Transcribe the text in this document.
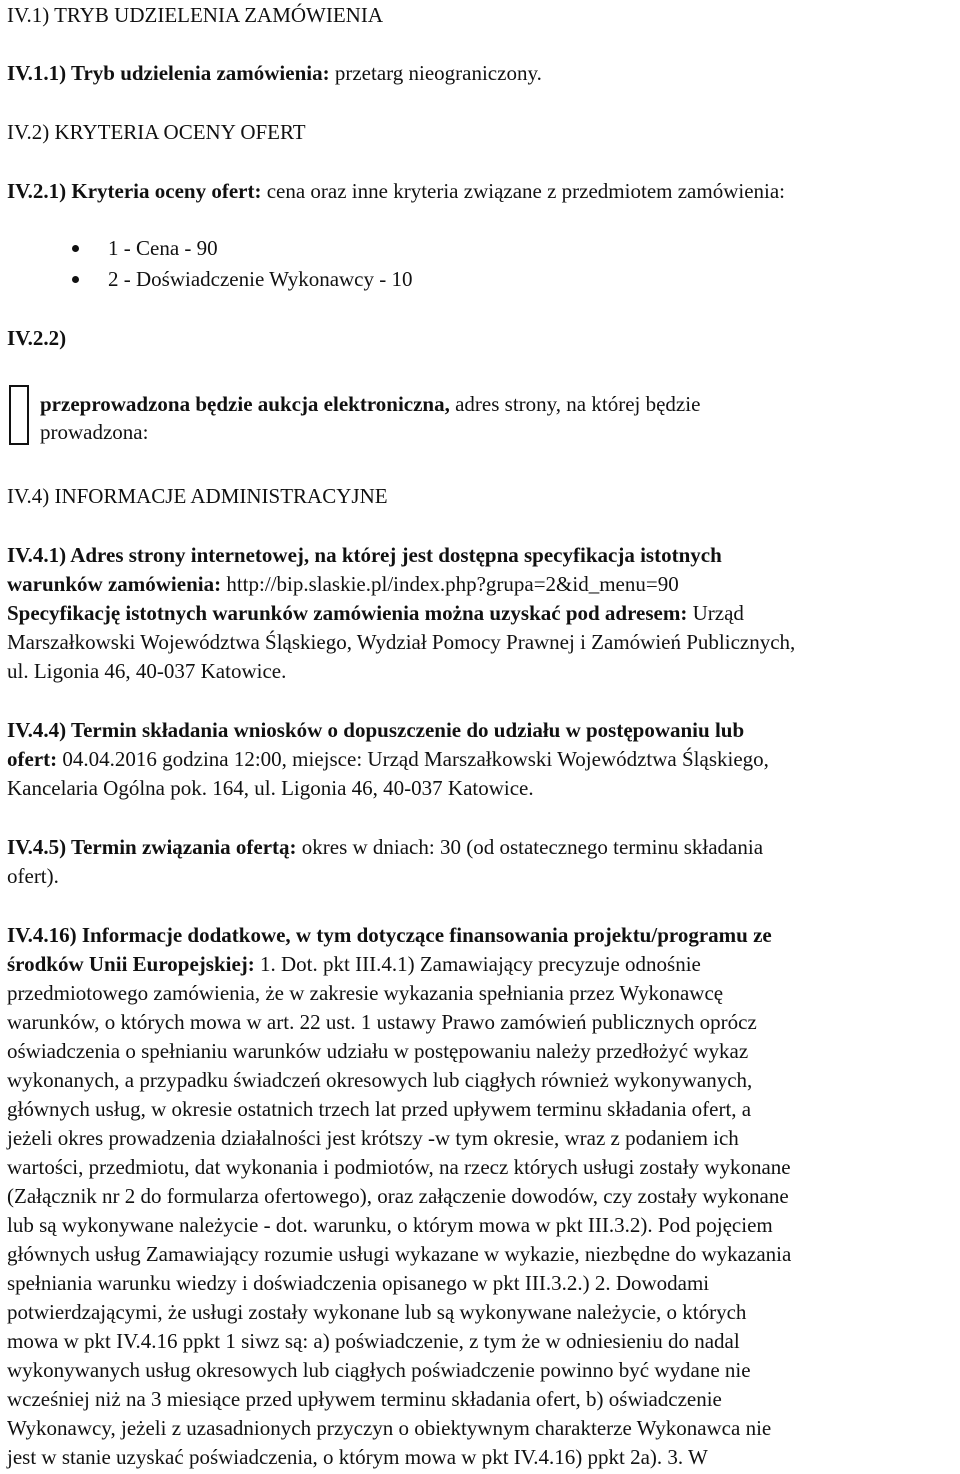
IV.1) TRYB UDZIELENIA ZAMÓWIENIA
IV.1.1) Tryb udzielenia zamówienia: przetarg nieograniczony.
IV.2) KRYTERIA OCENY OFERT
IV.2.1) Kryteria oceny ofert: cena oraz inne kryteria związane z przedmiotem zamówienia:
1 - Cena - 90
2 - Doświadczenie Wykonawcy - 10
IV.2.2)
przeprowadzona będzie aukcja elektroniczna, adres strony, na której będzie
prowadzona:
IV.4) INFORMACJE ADMINISTRACYJNE
IV.4.1) Adres strony internetowej, na której jest dostępna specyfikacja istotnych
warunków zamówienia: http://bip.slaskie.pl/index.php?grupa=2&id_menu=90
Specyfikację istotnych warunków zamówienia można uzyskać pod adresem: Urząd
Marszałkowski Województwa Śląskiego, Wydział Pomocy Prawnej i Zamówień Publicznych,
ul. Ligonia 46, 40-037 Katowice.
IV.4.4) Termin składania wniosków o dopuszczenie do udziału w postępowaniu lub
ofert: 04.04.2016 godzina 12:00, miejsce: Urząd Marszałkowski Województwa Śląskiego,
Kancelaria Ogólna pok. 164, ul. Ligonia 46, 40-037 Katowice.
IV.4.5) Termin związania ofertą: okres w dniach: 30 (od ostatecznego terminu składania
ofert).
IV.4.16) Informacje dodatkowe, w tym dotyczące finansowania projektu/programu ze
środków Unii Europejskiej: 1. Dot. pkt III.4.1) Zamawiający precyzuje odnośnie
przedmiotowego zamówienia, że w zakresie wykazania spełniania przez Wykonawcę
warunków, o których mowa w art. 22 ust. 1 ustawy Prawo zamówień publicznych oprócz
oświadczenia o spełnianiu warunków udziału w postępowaniu należy przedłożyć wykaz
wykonanych, a przypadku świadczeń okresowych lub ciągłych również wykonywanych,
głównych usług, w okresie ostatnich trzech lat przed upływem terminu składania ofert, a
jeżeli okres prowadzenia działalności jest krótszy -w tym okresie, wraz z podaniem ich
wartości, przedmiotu, dat wykonania i podmiotów, na rzecz których usługi zostały wykonane
(Załącznik nr 2 do formularza ofertowego), oraz załączenie dowodów, czy zostały wykonane
lub są wykonywane należycie - dot. warunku, o którym mowa w pkt III.3.2). Pod pojęciem
głównych usług Zamawiający rozumie usługi wykazane w wykazie, niezbędne do wykazania
spełniania warunku wiedzy i doświadczenia opisanego w pkt III.3.2.) 2. Dowodami
potwierdzającymi, że usługi zostały wykonane lub są wykonywane należycie, o których
mowa w pkt IV.4.16 ppkt 1 siwz są: a) poświadczenie, z tym że w odniesieniu do nadal
wykonywanych usług okresowych lub ciągłych poświadczenie powinno być wydane nie
wcześniej niż na 3 miesiące przed upływem terminu składania ofert, b) oświadczenie
Wykonawcy, jeżeli z uzasadnionych przyczyn o obiektywnym charakterze Wykonawca nie
jest w stanie uzyskać poświadczenia, o którym mowa w pkt IV.4.16) ppkt 2a). 3. W
